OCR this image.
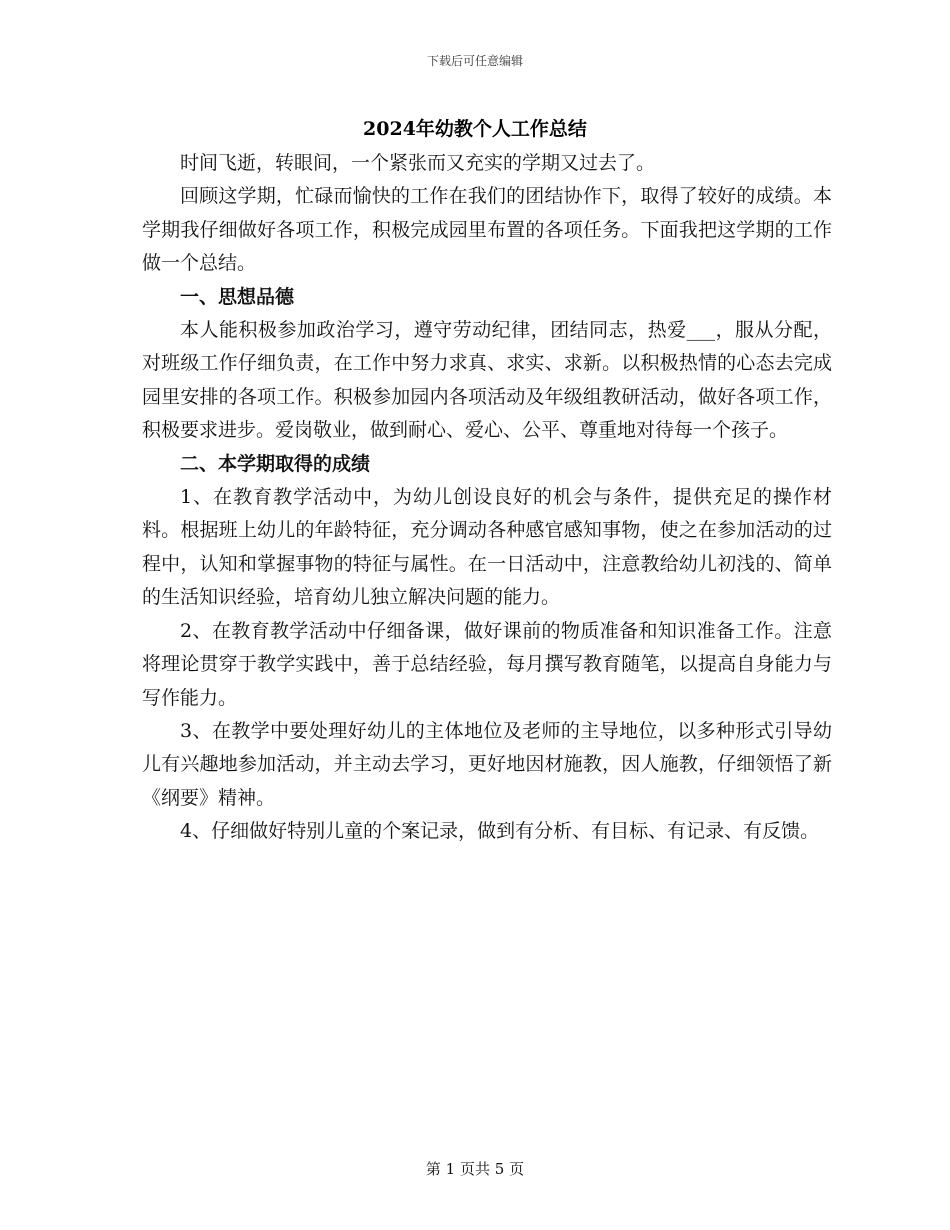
下载后可任意编辑
2024年幼教个人工作总结

时间飞逝，转眼间，一个紧张而又充实的学期又过去了。

回顾这学期，忙碌而愉快的工作在我们的团结协作下，取得了较好的成绩。本学期我仔细做好各项工作，积极完成园里布置的各项任务。下面我把这学期的工作做一个总结。

一、思想品德

本人能积极参加政治学习，遵守劳动纪律，团结同志，热爱___，服从分配，对班级工作仔细负责，在工作中努力求真、求实、求新。以积极热情的心态去完成园里安排的各项工作。积极参加园内各项活动及年级组教研活动，做好各项工作，积极要求进步。爱岗敬业，做到耐心、爱心、公平、尊重地对待每一个孩子。

二、本学期取得的成绩

1、在教育教学活动中，为幼儿创设良好的机会与条件，提供充足的操作材料。根据班上幼儿的年龄特征，充分调动各种感官感知事物，使之在参加活动的过程中，认知和掌握事物的特征与属性。在一日活动中，注意教给幼儿初浅的、简单的生活知识经验，培育幼儿独立解决问题的能力。

2、在教育教学活动中仔细备课，做好课前的物质准备和知识准备工作。注意将理论贯穿于教学实践中，善于总结经验，每月撰写教育随笔，以提高自身能力与写作能力。

3、在教学中要处理好幼儿的主体地位及老师的主导地位，以多种形式引导幼儿有兴趣地参加活动，并主动去学习，更好地因材施教，因人施教，仔细领悟了新《纲要》精神。

4、仔细做好特别儿童的个案记录，做到有分析、有目标、有记录、有反馈。

第 1 页共 5 页
